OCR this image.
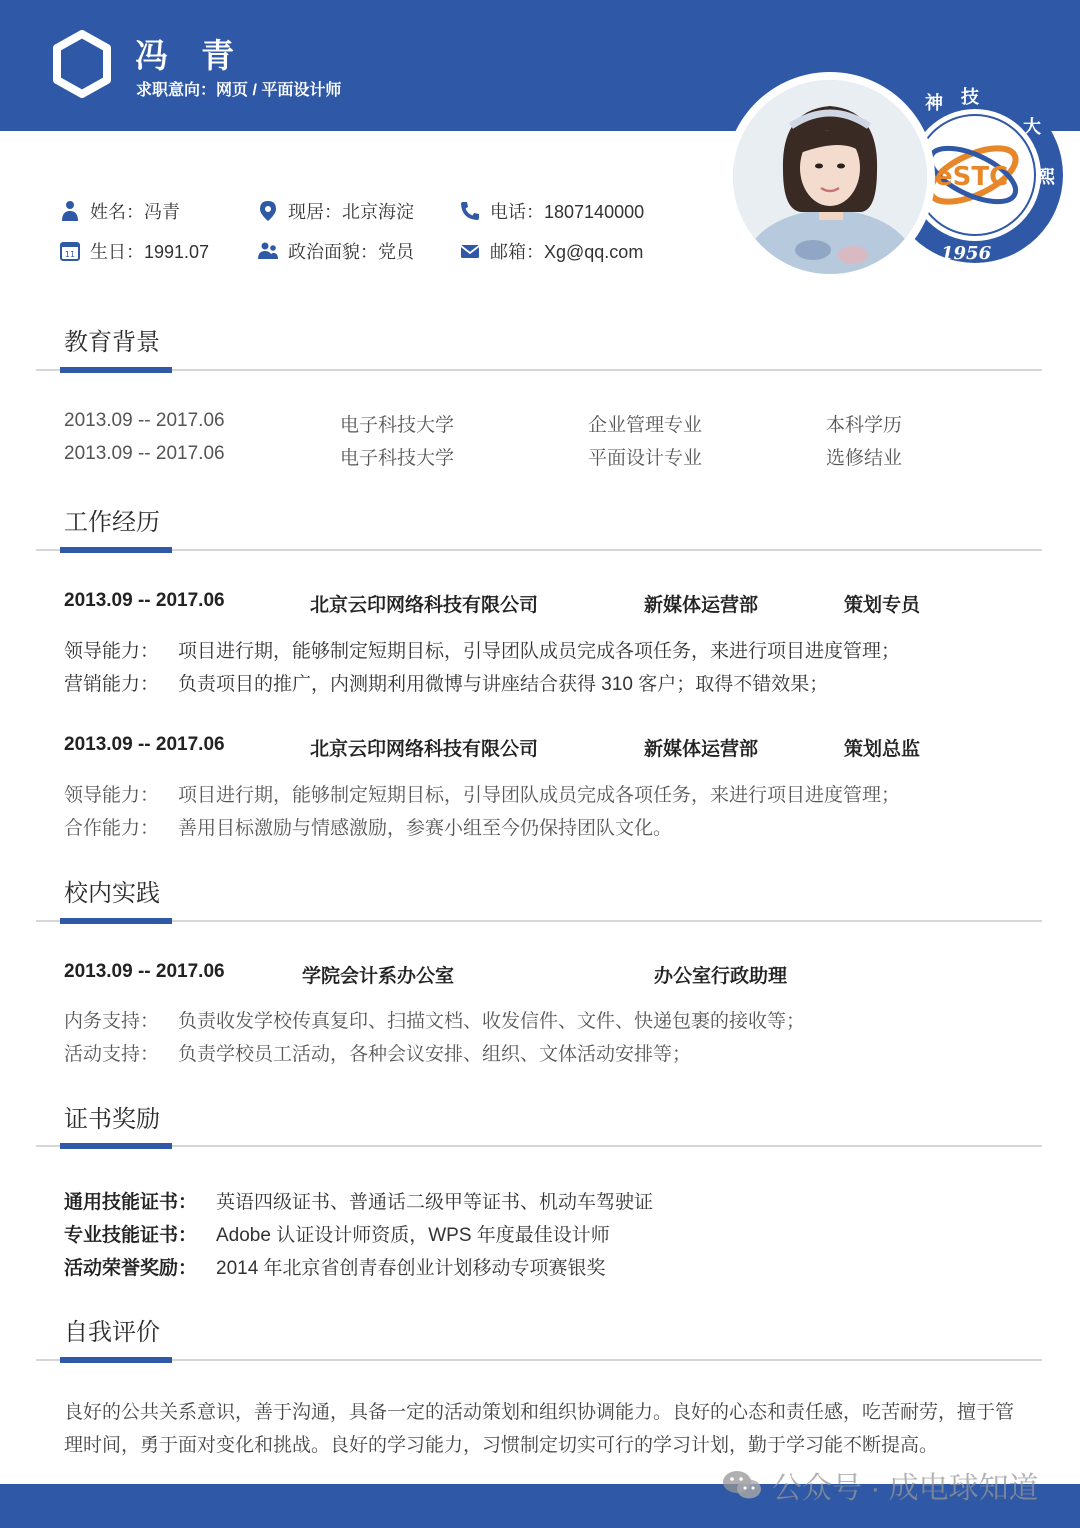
冯 青
求职意向：网页 / 平面设计师
eSTC
1956
神 技
大
熙
姓名：冯青	现居：北京海淀	电话：1807140000
11 生日：1991.07	政治面貌：党员	邮箱：Xg@qq.com
教育背景
2013.09 -- 2017.06	电子科技大学	企业管理专业	本科学历
2013.09 -- 2017.06	电子科技大学	平面设计专业	选修结业
工作经历
2013.09 -- 2017.06	北京云印网络科技有限公司	新媒体运营部	策划专员
领导能力： 项目进行期，能够制定短期目标，引导团队成员完成各项任务，来进行项目进度管理；
营销能力： 负责项目的推广，内测期利用微博与讲座结合获得 310 客户；取得不错效果；
2013.09 -- 2017.06	北京云印网络科技有限公司	新媒体运营部	策划总监
领导能力： 项目进行期，能够制定短期目标，引导团队成员完成各项任务，来进行项目进度管理；
合作能力： 善用目标激励与情感激励，参赛小组至今仍保持团队文化。
校内实践
2013.09 -- 2017.06	学院会计系办公室	办公室行政助理
内务支持： 负责收发学校传真复印、扫描文档、收发信件、文件、快递包裹的接收等；
活动支持： 负责学校员工活动，各种会议安排、组织、文体活动安排等；
证书奖励
通用技能证书： 英语四级证书、普通话二级甲等证书、机动车驾驶证
专业技能证书： Adobe 认证设计师资质，WPS 年度最佳设计师
活动荣誉奖励： 2014 年北京省创青春创业计划移动专项赛银奖
自我评价
良好的公共关系意识，善于沟通，具备一定的活动策划和组织协调能力。良好的心态和责任感，吃苦耐劳，擅于管理时间，勇于面对变化和挑战。良好的学习能力，习惯制定切实可行的学习计划，勤于学习能不断提高。
公众号 · 成电球知道
